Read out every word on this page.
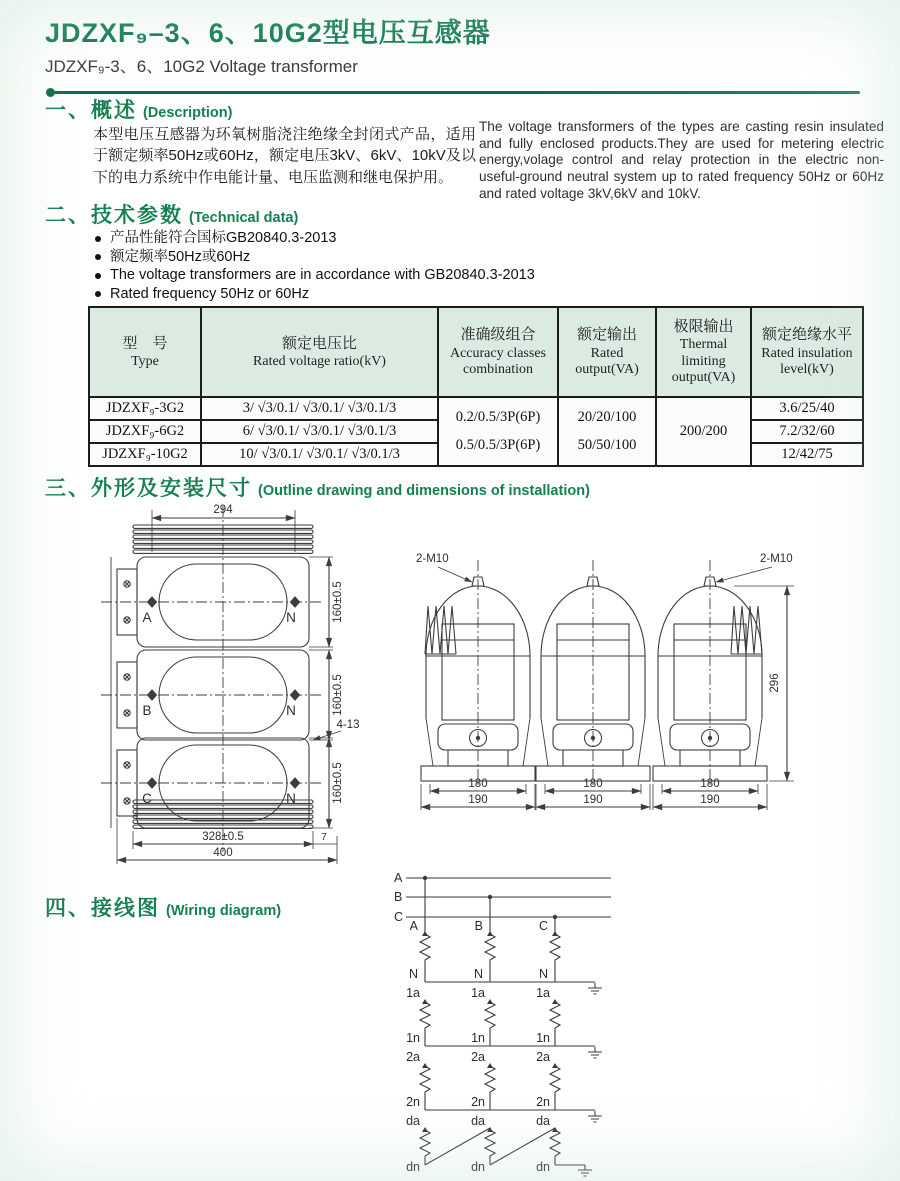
JDZXF₉–3、6、10G2型电压互感器
JDZXF₉-3、6、10G2 Voltage transformer
一、概述 (Description)
本型电压互感器为环氧树脂浇注绝缘全封闭式产品，适用于额定频率50Hz或60Hz，额定电压3kV、6kV、10kV及以下的电力系统中作电能计量、电压监测和继电保护用。
The voltage transformers of the types are casting resin insulated and fully enclosed products.They are used for metering electric energy,volage control and relay protection in the electric non-useful-ground neutral system up to rated frequency 50Hz or 60Hz and rated voltage 3kV,6kV and 10kV.
二、技术参数 (Technical data)
产品性能符合国标GB20840.3-2013
额定频率50Hz或60Hz
The voltage transformers are in accordance with GB20840.3-2013
Rated frequency 50Hz or 60Hz
型　号
Type

额定电压比
Rated voltage ratio(kV)

准确级组合
Accuracy classes combination

额定输出
Rated output(VA)

极限输出
Thermal limiting output(VA)

额定绝缘水平
Rated insulation level(kV)

JDZXF₉-3G2	3/ √3/0.1/ √3/0.1/ √3/0.1/3	
0.2/0.5/3P(6P)
0.5/0.5/3P(6P)

20/20/100
50/50/100
	200/200	3.6/25/40
JDZXF₉-6G2	6/ √3/0.1/ √3/0.1/ √3/0.1/3				7.2/32/60
JDZXF₉-10G2	10/ √3/0.1/ √3/0.1/ √3/0.1/3				12/42/75
三、外形及安装尺寸 (Outline drawing and dimensions of installation)
294
A	N	160±0.5
B	N	160±0.5
4-13
C	N	160±0.5
328±0.5	7
400
2-M10	2-M10
296
180
190
180
190
180
190
四、接线图 (Wiring diagram)
A
B
C
A	B	C
N	N	N
1a	1a	1a
1n	1n	1n
2a	2a	2a
2n	2n	2n
da	da	da
dn	dn	dn
